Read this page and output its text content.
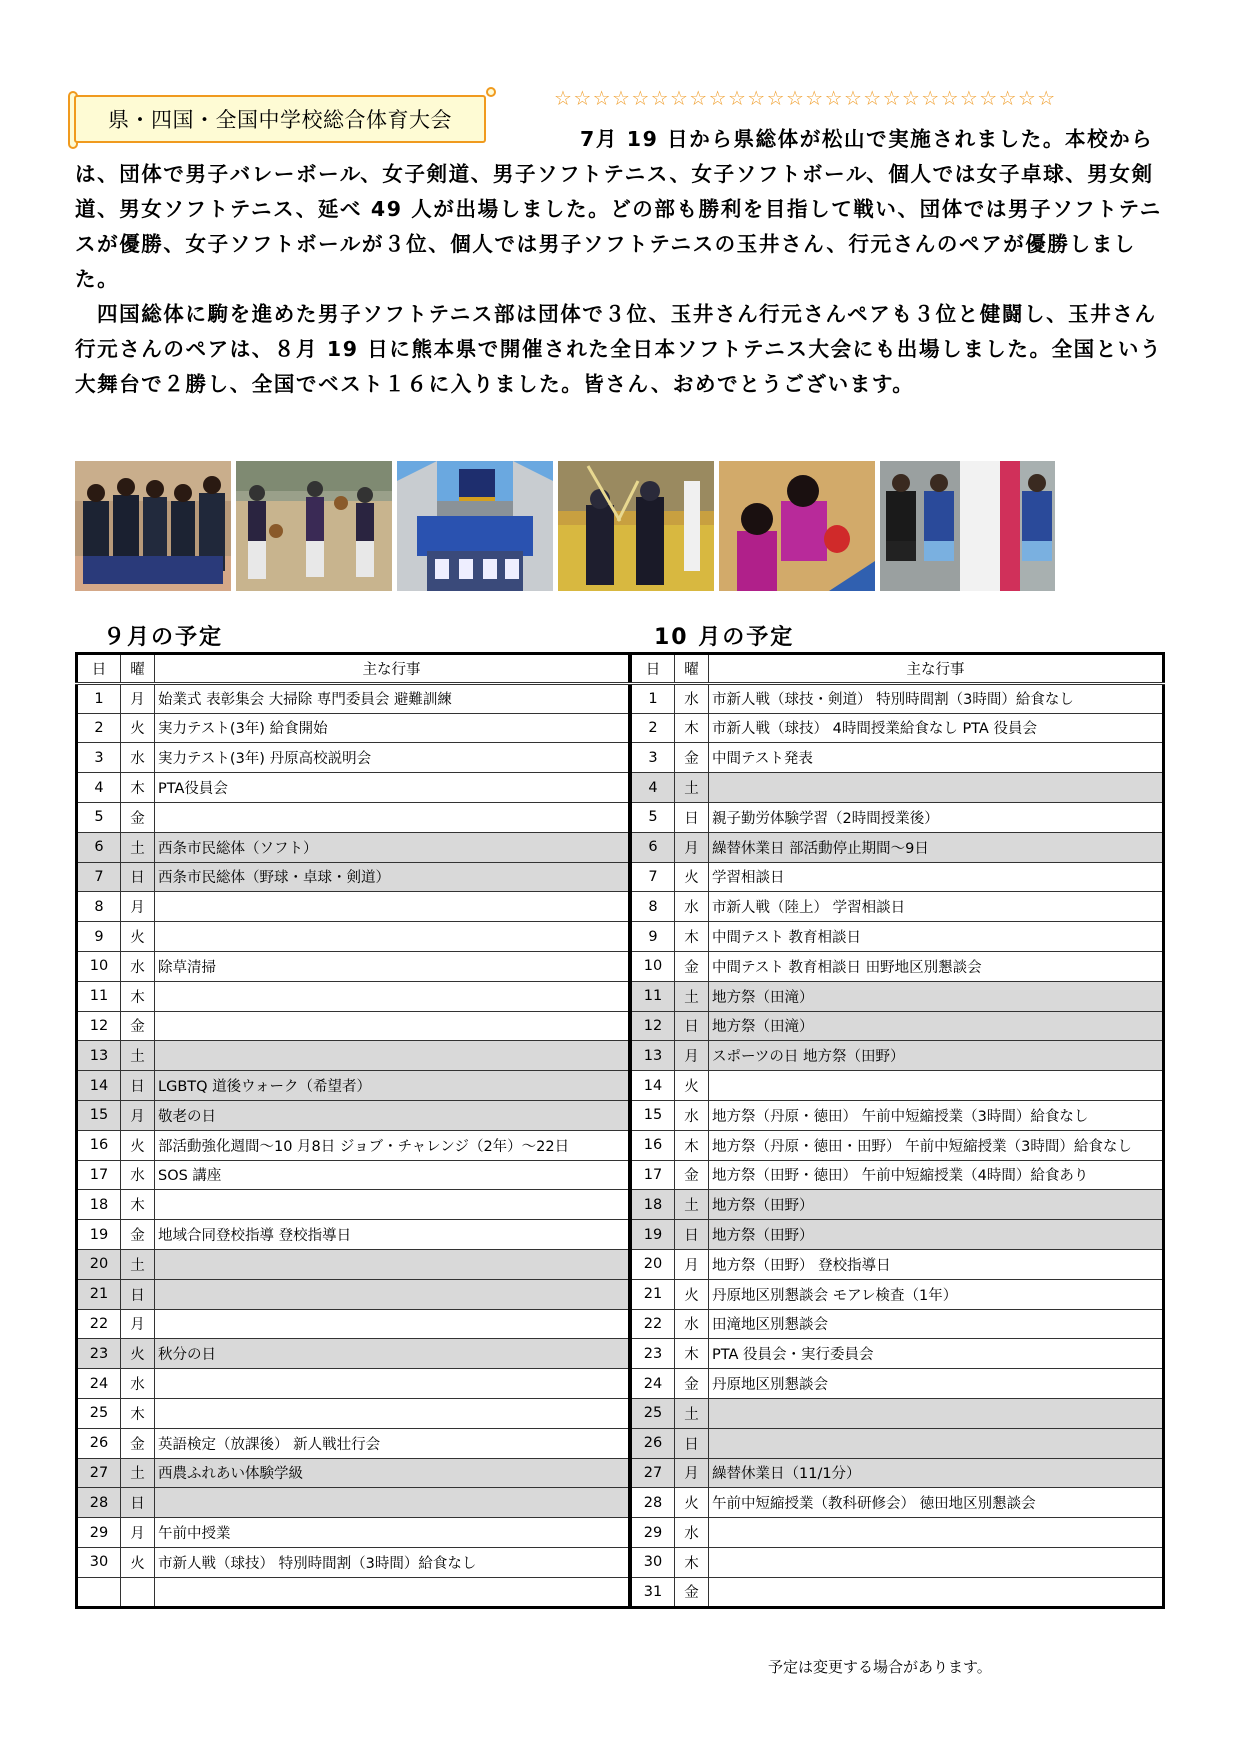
県・四国・全国中学校総合体育大会
☆☆☆☆☆☆☆☆☆☆☆☆☆☆☆☆☆☆☆☆☆☆☆☆☆☆

7月 19 日から県総体が松山で実施されました。本校からは、団体で男子バレーボール、女子剣道、男子ソフトテニス、女子ソフトボール、個人では女子卓球、男女剣道、男女ソフトテニス、延べ 49 人が出場しました。どの部も勝利を目指して戦い、団体では男子ソフトテニスが優勝、女子ソフトボールが３位、個人では男子ソフトテニスの玉井さん、行元さんのペアが優勝しました。

四国総体に駒を進めた男子ソフトテニス部は団体で３位、玉井さん行元さんペアも３位と健闘し、玉井さん行元さんのペアは、８月 19 日に熊本県で開催された全日本ソフトテニス大会にも出場しました。全国という大舞台で２勝し、全国でベスト１６に入りました。皆さん、おめでとうございます。

９月の予定	10 月の予定
日	曜	主な行事
1	月	始業式 表彰集会 大掃除 専門委員会 避難訓練
2	火	実力テスト(3年) 給食開始
3	水	実力テスト(3年) 丹原高校説明会
4	木	PTA役員会
5	金	
6	土	西条市民総体（ソフト）
7	日	西条市民総体（野球・卓球・剣道）
8	月	
9	火	
10	水	除草清掃
11	木	
12	金	
13	土	
14	日	LGBTQ 道後ウォーク（希望者）
15	月	敬老の日
16	火	部活動強化週間～10 月8日 ジョブ・チャレンジ（2年）～22日
17	水	SOS 講座
18	木	
19	金	地域合同登校指導 登校指導日
20	土	
21	日	
22	月	
23	火	秋分の日
24	水	
25	木	
26	金	英語検定（放課後） 新人戦壮行会
27	土	西農ふれあい体験学級
28	日	
29	月	午前中授業
30	火	市新人戦（球技） 特別時間割（3時間）給食なし

日	曜	主な行事
1	水	市新人戦（球技・剣道） 特別時間割（3時間）給食なし
2	木	市新人戦（球技） 4時間授業給食なし PTA 役員会
3	金	中間テスト発表
4	土	
5	日	親子勤労体験学習（2時間授業後）
6	月	繰替休業日 部活動停止期間～9日
7	火	学習相談日
8	水	市新人戦（陸上） 学習相談日
9	木	中間テスト 教育相談日
10	金	中間テスト 教育相談日 田野地区別懇談会
11	土	地方祭（田滝）
12	日	地方祭（田滝）
13	月	スポーツの日 地方祭（田野）
14	火	
15	水	地方祭（丹原・徳田） 午前中短縮授業（3時間）給食なし
16	木	地方祭（丹原・徳田・田野） 午前中短縮授業（3時間）給食なし
17	金	地方祭（田野・徳田） 午前中短縮授業（4時間）給食あり
18	土	地方祭（田野）
19	日	地方祭（田野）
20	月	地方祭（田野） 登校指導日
21	火	丹原地区別懇談会 モアレ検査（1年）
22	水	田滝地区別懇談会
23	木	PTA 役員会・実行委員会
24	金	丹原地区別懇談会
25	土	
26	日	
27	月	繰替休業日（11/1分）
28	火	午前中短縮授業（教科研修会） 徳田地区別懇談会
29	水	
30	木	
31	金	
予定は変更する場合があります。
